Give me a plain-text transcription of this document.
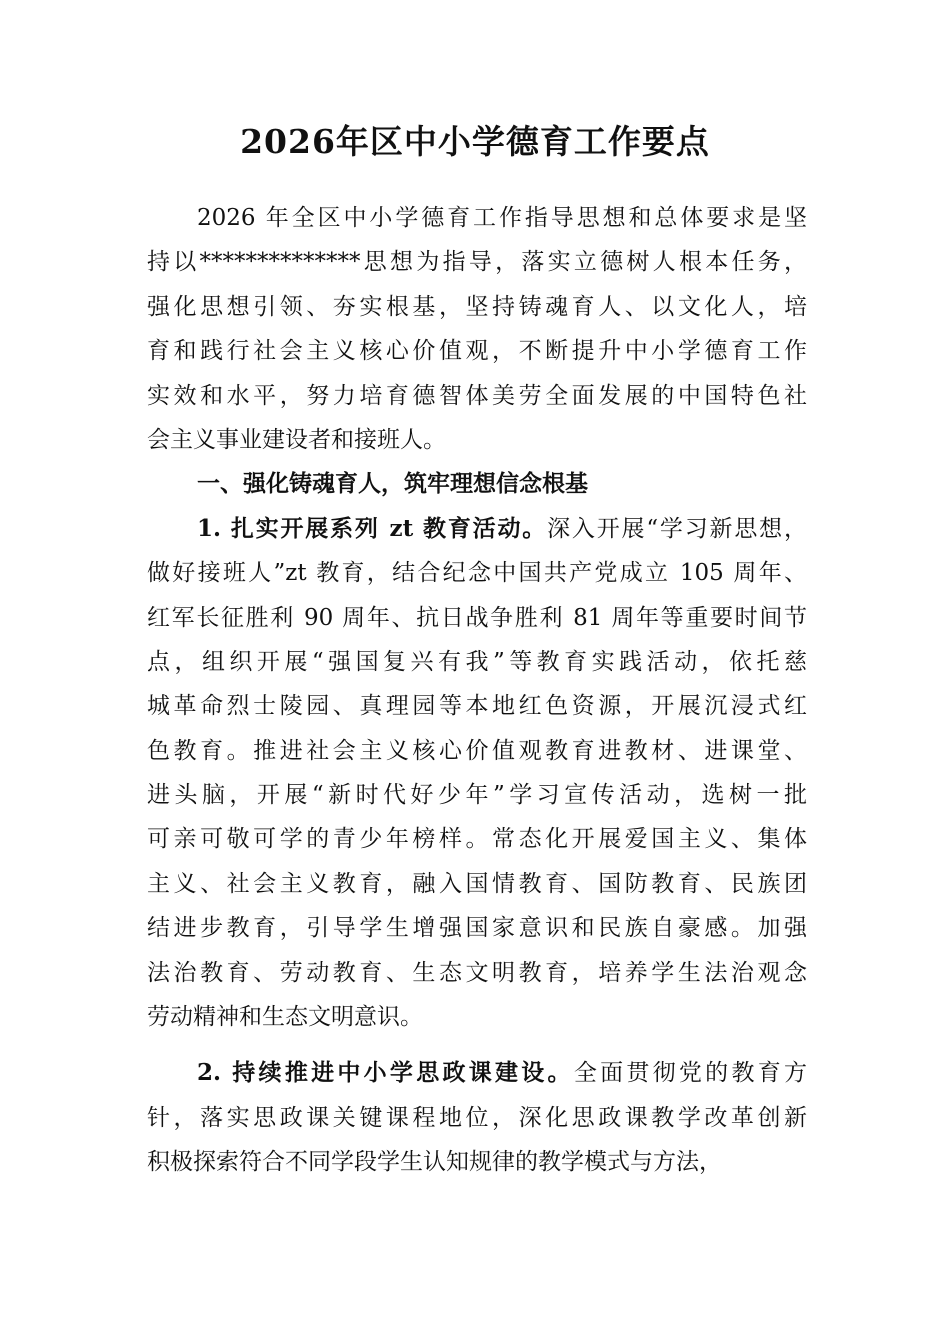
2026年区中小学德育工作要点
2026 年全区中小学德育工作指导思想和总体要求是坚
持以**************思想为指导，落实立德树人根本任务，
强化思想引领、夯实根基，坚持铸魂育人、以文化人，培
育和践行社会主义核心价值观，不断提升中小学德育工作
实效和水平，努力培育德智体美劳全面发展的中国特色社
会主义事业建设者和接班人。
一、强化铸魂育人，筑牢理想信念根基
1. 扎实开展系列 zt 教育活动。深入开展“学习新思想，
做好接班人”zt 教育，结合纪念中国共产党成立 105 周年、
红军长征胜利 90 周年、抗日战争胜利 81 周年等重要时间节
点，组织开展“强国复兴有我”等教育实践活动，依托慈
城革命烈士陵园、真理园等本地红色资源，开展沉浸式红
色教育。推进社会主义核心价值观教育进教材、进课堂、
进头脑，开展“新时代好少年”学习宣传活动，选树一批
可亲可敬可学的青少年榜样。常态化开展爱国主义、集体
主义、社会主义教育，融入国情教育、国防教育、民族团
结进步教育，引导学生增强国家意识和民族自豪感。加强
法治教育、劳动教育、生态文明教育，培养学生法治观念
劳动精神和生态文明意识。
2. 持续推进中小学思政课建设。全面贯彻党的教育方
针，落实思政课关键课程地位，深化思政课教学改革创新
积极探索符合不同学段学生认知规律的教学模式与方法，
